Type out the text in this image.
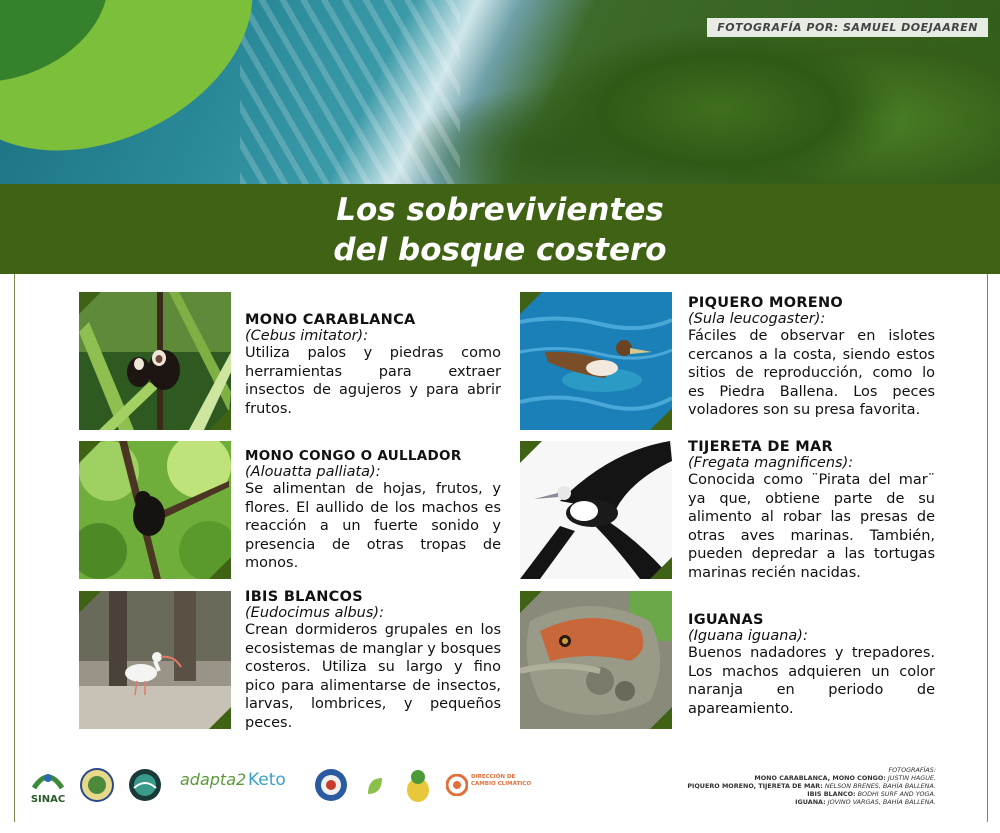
FOTOGRAFÍA POR: SAMUEL DOEJAAREN
Los sobrevivientes
del bosque costero

MONO CARABLANCA

(Cebus imitator):

Utiliza palos y piedras como herramientas para extraer insectos de agujeros y para abrir frutos.

MONO CONGO O AULLADOR

(Alouatta palliata):

Se alimentan de hojas, frutos, y flores. El aullido de los machos es reacción a un fuerte sonido y presencia de otras tropas de monos.

IBIS BLANCOS

(Eudocimus albus):

Crean dormideros grupales en los ecosistemas de manglar y bosques costeros. Utiliza su largo y fino pico para alimentarse de insectos, larvas, lombrices, y pequeños peces.

PIQUERO MORENO

(Sula leucogaster):

Fáciles de observar en islotes cercanos a la costa, siendo estos sitios de reproducción, como lo es Piedra Ballena. Los peces voladores son su presa favorita.

TIJERETA DE MAR

(Fregata magnificens):

Conocida como ¨Pirata del mar¨ ya que, obtiene parte de su alimento al robar las presas de otras aves marinas. También, pueden depredar a las tortugas marinas recién nacidas.

IGUANAS

(Iguana iguana):

Buenos nadadores y trepadores. Los machos adquieren un color naranja en periodo de apareamiento.

SINAC
adapta2 Keto	DIRECCIÓN DE
CAMBIO CLIMÁTICO
FOTOGRAFÍAS:
MONO CARABLANCA, MONO CONGO: JUSTIN HAGUE.
PIQUERO MORENO, TIJERETA DE MAR: NELSON BRENES, BAHÍA BALLENA.
IBIS BLANCO: BODHI SURF AND YOGA.
IGUANA: JOVINO VARGAS, BAHÍA BALLENA.
